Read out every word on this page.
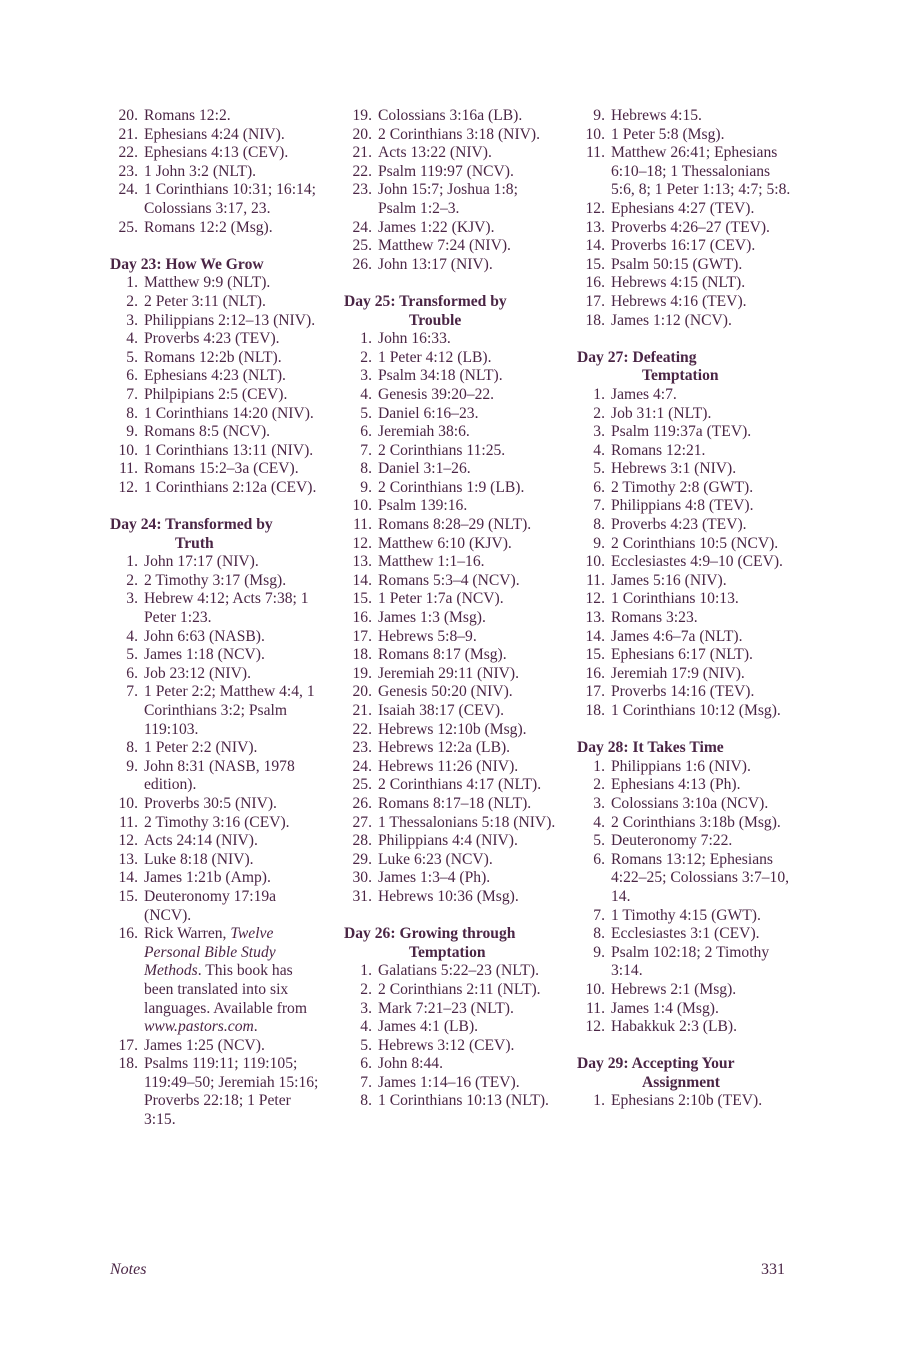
20. Romans 12:2.
21. Ephesians 4:24 (NIV).
22. Ephesians 4:13 (CEV).
23. 1 John 3:2 (NLT).
24. 1 Corinthians 10:31; 16:14; Colossians 3:17, 23.
25. Romans 12:2 (Msg).
Day 23: How We Grow
1. Matthew 9:9 (NLT).
2. 2 Peter 3:11 (NLT).
3. Philippians 2:12–13 (NIV).
4. Proverbs 4:23 (TEV).
5. Romans 12:2b (NLT).
6. Ephesians 4:23 (NLT).
7. Philpipians 2:5 (CEV).
8. 1 Corinthians 14:20 (NIV).
9. Romans 8:5 (NCV).
10. 1 Corinthians 13:11 (NIV).
11. Romans 15:2–3a (CEV).
12. 1 Corinthians 2:12a (CEV).
Day 24: Transformed by
Truth
1. John 17:17 (NIV).
2. 2 Timothy 3:17 (Msg).
3. Hebrew 4:12; Acts 7:38; 1 Peter 1:23.
4. John 6:63 (NASB).
5. James 1:18 (NCV).
6. Job 23:12 (NIV).
7. 1 Peter 2:2; Matthew 4:4, 1 Corinthians 3:2; Psalm 119:103.
8. 1 Peter 2:2 (NIV).
9. John 8:31 (NASB, 1978 edition).
10. Proverbs 30:5 (NIV).
11. 2 Timothy 3:16 (CEV).
12. Acts 24:14 (NIV).
13. Luke 8:18 (NIV).
14. James 1:21b (Amp).
15. Deuteronomy 17:19a (NCV).
16. Rick Warren, Twelve Personal Bible Study Methods. This book has been translated into six languages. Available from www.pastors.com.
17. James 1:25 (NCV).
18. Psalms 119:11; 119:105; 119:49–50; Jeremiah 15:16; Proverbs 22:18; 1 Peter 3:15.
19. Colossians 3:16a (LB).
20. 2 Corinthians 3:18 (NIV).
21. Acts 13:22 (NIV).
22. Psalm 119:97 (NCV).
23. John 15:7; Joshua 1:8; Psalm 1:2–3.
24. James 1:22 (KJV).
25. Matthew 7:24 (NIV).
26. John 13:17 (NIV).
Day 25: Transformed by
Trouble
1. John 16:33.
2. 1 Peter 4:12 (LB).
3. Psalm 34:18 (NLT).
4. Genesis 39:20–22.
5. Daniel 6:16–23.
6. Jeremiah 38:6.
7. 2 Corinthians 11:25.
8. Daniel 3:1–26.
9. 2 Corinthians 1:9 (LB).
10. Psalm 139:16.
11. Romans 8:28–29 (NLT).
12. Matthew 6:10 (KJV).
13. Matthew 1:1–16.
14. Romans 5:3–4 (NCV).
15. 1 Peter 1:7a (NCV).
16. James 1:3 (Msg).
17. Hebrews 5:8–9.
18. Romans 8:17 (Msg).
19. Jeremiah 29:11 (NIV).
20. Genesis 50:20 (NIV).
21. Isaiah 38:17 (CEV).
22. Hebrews 12:10b (Msg).
23. Hebrews 12:2a (LB).
24. Hebrews 11:26 (NIV).
25. 2 Corinthians 4:17 (NLT).
26. Romans 8:17–18 (NLT).
27. 1 Thessalonians 5:18 (NIV).
28. Philippians 4:4 (NIV).
29. Luke 6:23 (NCV).
30. James 1:3–4 (Ph).
31. Hebrews 10:36 (Msg).
Day 26: Growing through
Temptation
1. Galatians 5:22–23 (NLT).
2. 2 Corinthians 2:11 (NLT).
3. Mark 7:21–23 (NLT).
4. James 4:1 (LB).
5. Hebrews 3:12 (CEV).
6. John 8:44.
7. James 1:14–16 (TEV).
8. 1 Corinthians 10:13 (NLT).
9. Hebrews 4:15.
10. 1 Peter 5:8 (Msg).
11. Matthew 26:41; Ephesians 6:10–18; 1 Thessalonians 5:6, 8; 1 Peter 1:13; 4:7; 5:8.
12. Ephesians 4:27 (TEV).
13. Proverbs 4:26–27 (TEV).
14. Proverbs 16:17 (CEV).
15. Psalm 50:15 (GWT).
16. Hebrews 4:15 (NLT).
17. Hebrews 4:16 (TEV).
18. James 1:12 (NCV).
Day 27: Defeating
Temptation
1. James 4:7.
2. Job 31:1 (NLT).
3. Psalm 119:37a (TEV).
4. Romans 12:21.
5. Hebrews 3:1 (NIV).
6. 2 Timothy 2:8 (GWT).
7. Philippians 4:8 (TEV).
8. Proverbs 4:23 (TEV).
9. 2 Corinthians 10:5 (NCV).
10. Ecclesiastes 4:9–10 (CEV).
11. James 5:16 (NIV).
12. 1 Corinthians 10:13.
13. Romans 3:23.
14. James 4:6–7a (NLT).
15. Ephesians 6:17 (NLT).
16. Jeremiah 17:9 (NIV).
17. Proverbs 14:16 (TEV).
18. 1 Corinthians 10:12 (Msg).
Day 28: It Takes Time
1. Philippians 1:6 (NIV).
2. Ephesians 4:13 (Ph).
3. Colossians 3:10a (NCV).
4. 2 Corinthians 3:18b (Msg).
5. Deuteronomy 7:22.
6. Romans 13:12; Ephesians 4:22–25; Colossians 3:7–10, 14.
7. 1 Timothy 4:15 (GWT).
8. Ecclesiastes 3:1 (CEV).
9. Psalm 102:18; 2 Timothy 3:14.
10. Hebrews 2:1 (Msg).
11. James 1:4 (Msg).
12. Habakkuk 2:3 (LB).
Day 29: Accepting Your
Assignment
1. Ephesians 2:10b (TEV).
Notes	331
